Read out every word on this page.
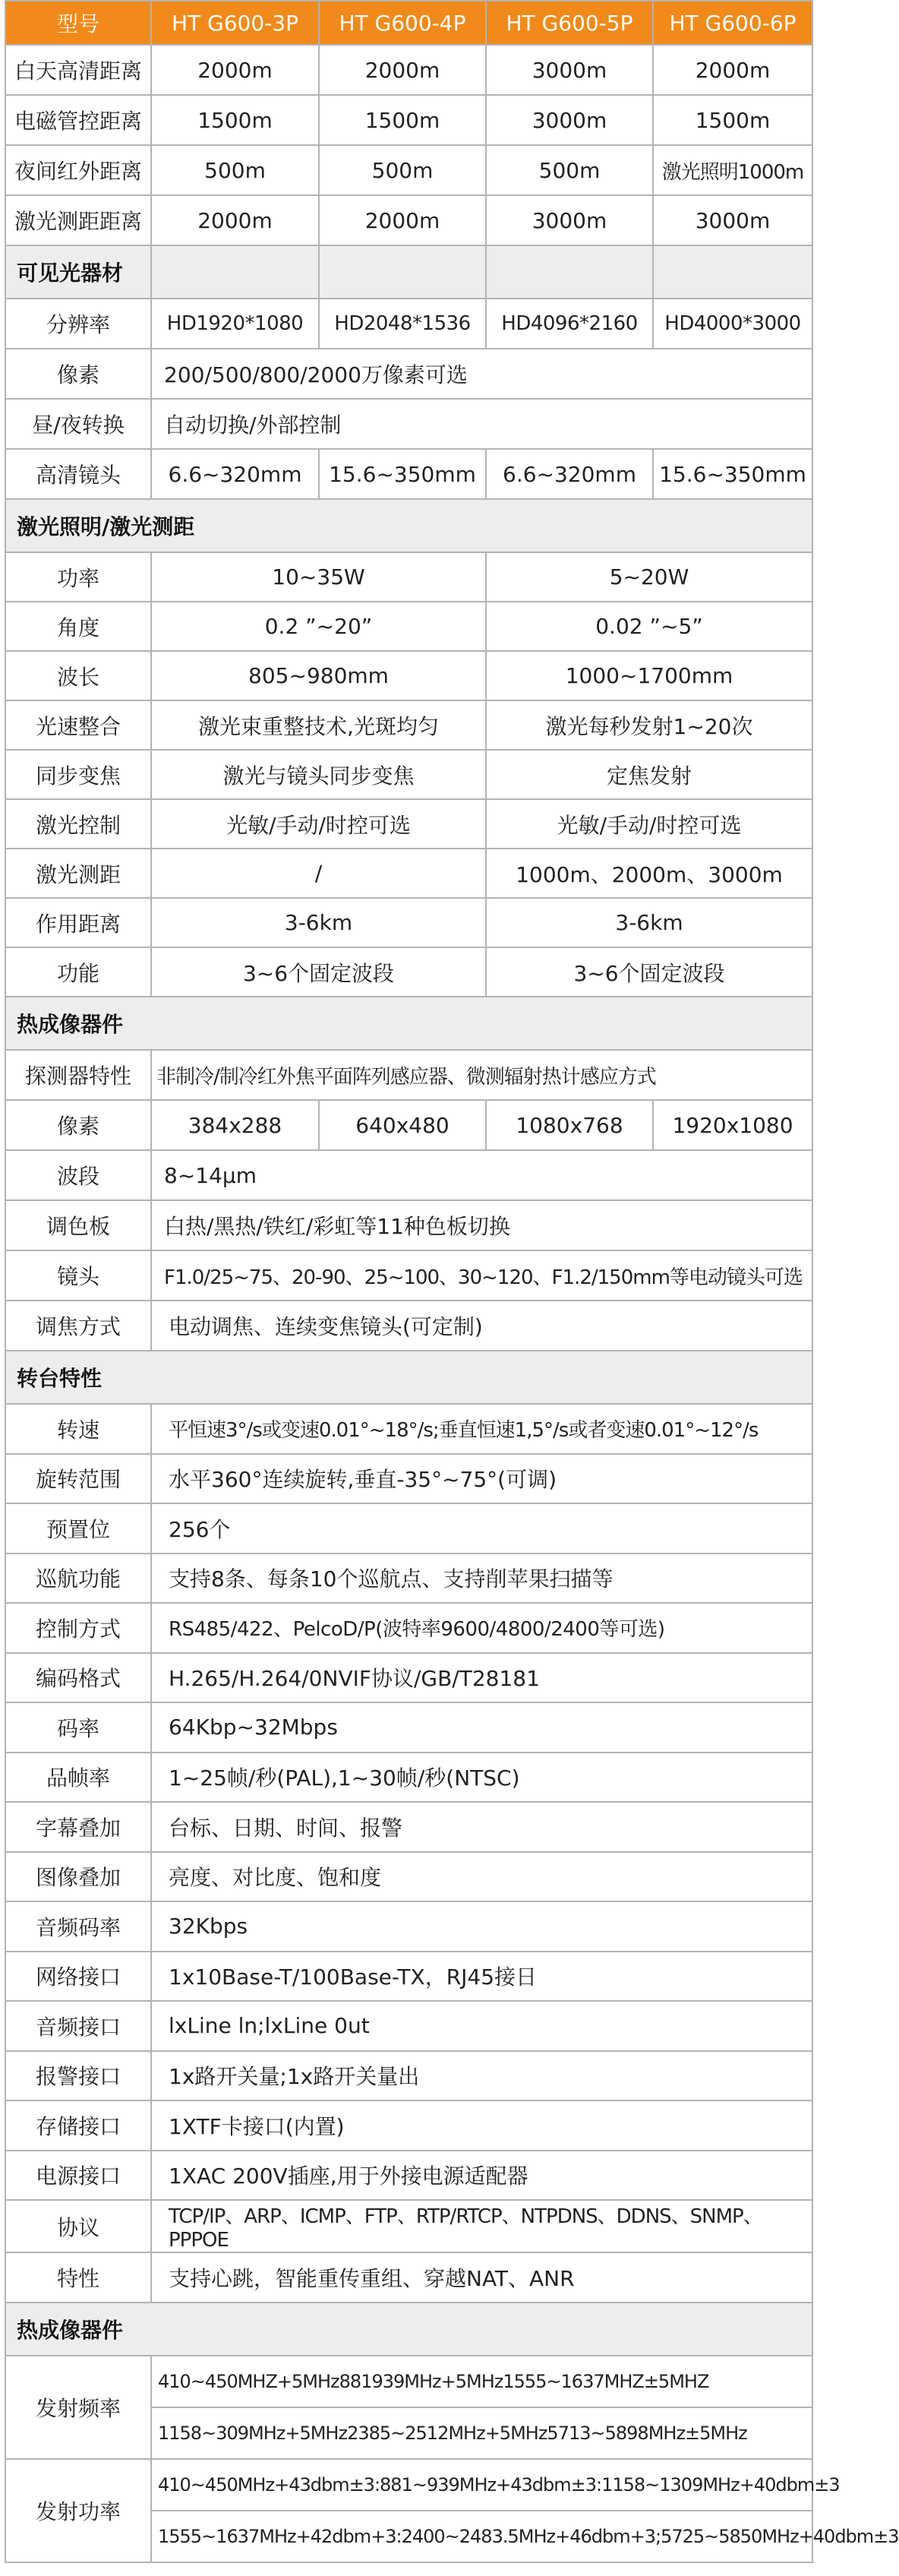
型号	HT G600-3P	HT G600-4P	HT G600-5P	HT G600-6P
白天高清距离	2000m	2000m	3000m	2000m
电磁管控距离	1500m	1500m	3000m	1500m
夜间红外距离	500m	500m	500m	激光照明1000m
激光测距距离	2000m	2000m	3000m	3000m
可见光器材				
分辨率	HD1920*1080	HD2048*1536	HD4096*2160	HD4000*3000
像素	200/500/800/2000万像素可选			
昼/夜转换	自动切换/外部控制			
高清镜头	6.6~320mm	15.6~350mm	6.6~320mm	15.6~350mm
激光照明/激光测距				
功率	10~35W		5~20W	
角度	0.2 ”~20”		0.02 ”~5”	
波长	805~980mm		1000~1700mm	
光速整合	激光束重整技术,光斑均匀		激光每秒发射1~20次	
同步变焦	激光与镜头同步变焦		定焦发射	
激光控制	光敏/手动/时控可选		光敏/手动/时控可选	
激光测距	/		1000m、2000m、3000m	
作用距离	3-6km		3-6km	
功能	3~6个固定波段		3~6个固定波段	
热成像器件				
探测器特性	非制冷/制冷红外焦平面阵列感应器、微测辐射热计感应方式			
像素	384x288	640x480	1080x768	1920x1080
波段	8~14μm			
调色板	白热/黑热/铁红/彩虹等11种色板切换			
镜头	F1.0/25~75、20-90、25~100、30~120、F1.2/150mm等电动镜头可选			
调焦方式	电动调焦、连续变焦镜头(可定制)			
转台特性				
转速	平恒速3°/s或变速0.01°~18°/s;垂直恒速1,5°/s或者变速0.01°~12°/s			
旋转范围	水平360°连续旋转,垂直-35°~75°(可调)			
预置位	256个			
巡航功能	支持8条、每条10个巡航点、支持削苹果扫描等			
控制方式	RS485/422、PelcoD/P(波特率9600/4800/2400等可选)			
编码格式	H.265/H.264/0NVIF协议/GB/T28181			
码率	64Kbp~32Mbps			
品帧率	1~25帧/秒(PAL),1~30帧/秒(NTSC)			
字幕叠加	台标、日期、时间、报警			
图像叠加	亮度、对比度、饱和度			
音频码率	32Kbps			
网络接口	1x10Base-T/100Base-TX，RJ45接日			
音频接口	lxLine ln;lxLine 0ut			
报警接口	1x路开关量;1x路开关量出			
存储接口	1XTF卡接口(内置)			
电源接口	1XAC 200V插座,用于外接电源适配器			
协议	TCP/IP、ARP、ICMP、FTP、RTP/RTCP、NTPDNS、DDNS、SNMP、PPPOE			
特性	支持心跳，智能重传重组、穿越NAT、ANR			
热成像器件				
发射频率	410~450MHZ+5MHz881939MHz+5MHz1555~1637MHZ±5MHZ			
	1158~309MHz+5MHz2385~2512MHz+5MHz5713~5898MHz±5MHz			
发射功率	410~450MHz+43dbm±3:881~939MHz+43dbm±3:1158~1309MHz+40dbm±3			
	1555~1637MHz+42dbm+3:2400~2483.5MHz+46dbm+3;5725~5850MHz+40dbm±3			
